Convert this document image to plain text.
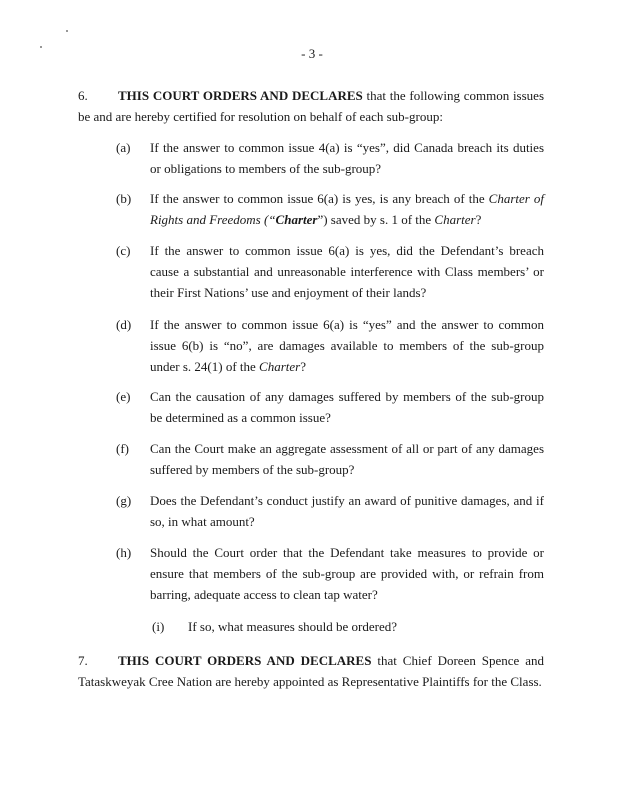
- 3 -
6. THIS COURT ORDERS AND DECLARES that the following common issues be and are hereby certified for resolution on behalf of each sub-group:
(a)	If the answer to common issue 4(a) is “yes”, did Canada breach its duties or obligations to members of the sub-group?
(b)	If the answer to common issue 6(a) is yes, is any breach of the Charter of Rights and Freedoms (“Charter”) saved by s. 1 of the Charter?
(c)	If the answer to common issue 6(a) is yes, did the Defendant’s breach cause a substantial and unreasonable interference with Class members’ or their First Nations’ use and enjoyment of their lands?
(d)	If the answer to common issue 6(a) is “yes” and the answer to common issue 6(b) is “no”, are damages available to members of the sub-group under s. 24(1) of the Charter?
(e)	Can the causation of any damages suffered by members of the sub-group be determined as a common issue?
(f)	Can the Court make an aggregate assessment of all or part of any damages suffered by members of the sub-group?
(g)	Does the Defendant’s conduct justify an award of punitive damages, and if so, in what amount?
(h)	Should the Court order that the Defendant take measures to provide or ensure that members of the sub-group are provided with, or refrain from barring, adequate access to clean tap water?
(i) If so, what measures should be ordered?
7. THIS COURT ORDERS AND DECLARES that Chief Doreen Spence and Tataskweyak Cree Nation are hereby appointed as Representative Plaintiffs for the Class.
